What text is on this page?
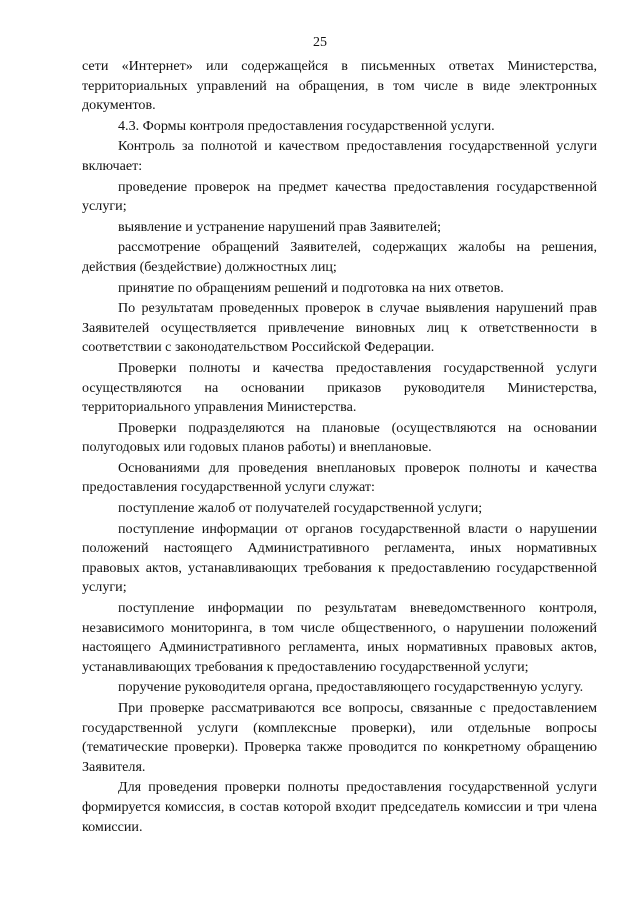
25

сети «Интернет» или содержащейся в письменных ответах Министерства, территориальных управлений на обращения, в том числе в виде электронных документов.

4.3. Формы контроля предоставления государственной услуги.

Контроль за полнотой и качеством предоставления государственной услуги включает:

проведение проверок на предмет качества предоставления государственной услуги;

выявление и устранение нарушений прав Заявителей;

рассмотрение обращений Заявителей, содержащих жалобы на решения, действия (бездействие) должностных лиц;

принятие по обращениям решений и подготовка на них ответов.

По результатам проведенных проверок в случае выявления нарушений прав Заявителей осуществляется привлечение виновных лиц к ответственности в соответствии с законодательством Российской Федерации.

Проверки полноты и качества предоставления государственной услуги осуществляются на основании приказов руководителя Министерства, территориального управления Министерства.

Проверки подразделяются на плановые (осуществляются на основании полугодовых или годовых планов работы) и внеплановые.

Основаниями для проведения внеплановых проверок полноты и качества предоставления государственной услуги служат:

поступление жалоб от получателей государственной услуги;

поступление информации от органов государственной власти о нарушении положений настоящего Административного регламента, иных нормативных правовых актов, устанавливающих требования к предоставлению государственной услуги;

поступление информации по результатам вневедомственного контроля, независимого мониторинга, в том числе общественного, о нарушении положений настоящего Административного регламента, иных нормативных правовых актов, устанавливающих требования к предоставлению государственной услуги;

поручение руководителя органа, предоставляющего государственную услугу.

При проверке рассматриваются все вопросы, связанные с предоставлением государственной услуги (комплексные проверки), или отдельные вопросы (тематические проверки). Проверка также проводится по конкретному обращению Заявителя.

Для проведения проверки полноты предоставления государственной услуги формируется комиссия, в состав которой входит председатель комиссии и три члена комиссии.
